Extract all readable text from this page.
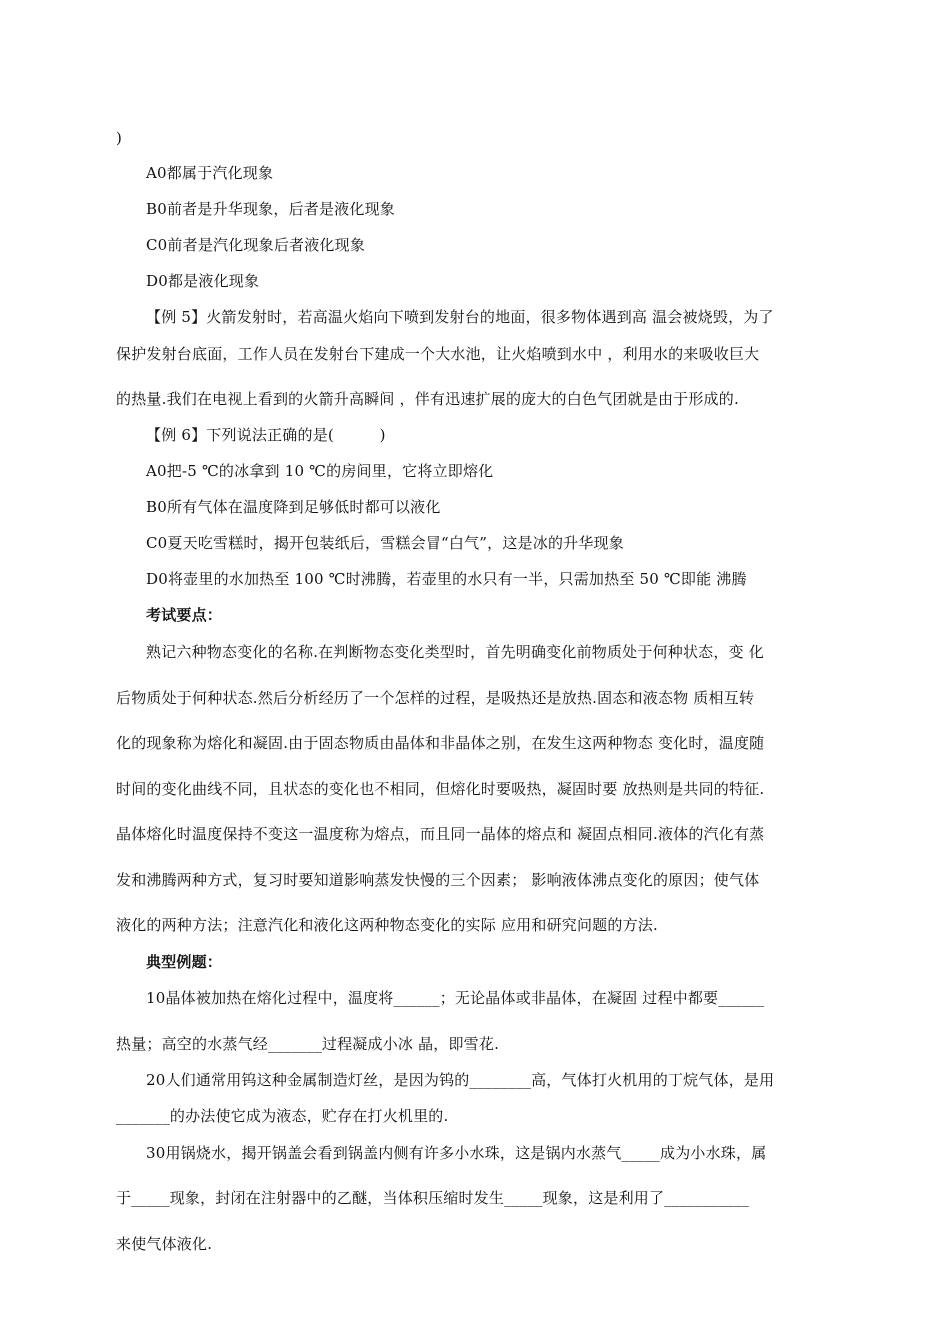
)
A0都属于汽化现象
B0前者是升华现象，后者是液化现象
C0前者是汽化现象后者液化现象
D0都是液化现象
【例 5】火箭发射时，若高温火焰向下喷到发射台的地面，很多物体遇到高 温会被烧毁，为了
保护发射台底面，工作人员在发射台下建成一个大水池，让火焰喷到水中 ，利用水的来吸收巨大
的热量.我们在电视上看到的火箭升高瞬间 ，伴有迅速扩展的庞大的白色气团就是由于形成的.
【例 6】下列说法正确的是(　　　)
A0把-5 ℃的冰拿到 10 ℃的房间里，它将立即熔化
B0所有气体在温度降到足够低时都可以液化
C0夏天吃雪糕时，揭开包装纸后，雪糕会冒“白气”，这是冰的升华现象
D0将壶里的水加热至 100 ℃时沸腾，若壶里的水只有一半，只需加热至 50 ℃即能 沸腾
考试要点：
熟记六种物态变化的名称.在判断物态变化类型时，首先明确变化前物质处于何种状态，变 化
后物质处于何种状态.然后分析经历了一个怎样的过程，是吸热还是放热.固态和液态物 质相互转
化的现象称为熔化和凝固.由于固态物质由晶体和非晶体之别，在发生这两种物态 变化时，温度随
时间的变化曲线不同，且状态的变化也不相同，但熔化时要吸热，凝固时要 放热则是共同的特征.
晶体熔化时温度保持不变这一温度称为熔点，而且同一晶体的熔点和 凝固点相同.液体的汽化有蒸
发和沸腾两种方式，复习时要知道影响蒸发快慢的三个因素； 影响液体沸点变化的原因；使气体
液化的两种方法；注意汽化和液化这两种物态变化的实际 应用和研究问题的方法.
典型例题：
10晶体被加热在熔化过程中，温度将______；无论晶体或非晶体，在凝固 过程中都要______
热量；高空的水蒸气经_______过程凝成小冰 晶，即雪花.
20人们通常用钨这种金属制造灯丝，是因为钨的________高，气体打火机用的丁烷气体，是用
_______的办法使它成为液态，贮存在打火机里的.
30用锅烧水，揭开锅盖会看到锅盖内侧有许多小水珠，这是锅内水蒸气_____成为小水珠，属
于_____现象，封闭在注射器中的乙醚，当体积压缩时发生_____现象，这是利用了___________
来使气体液化.
